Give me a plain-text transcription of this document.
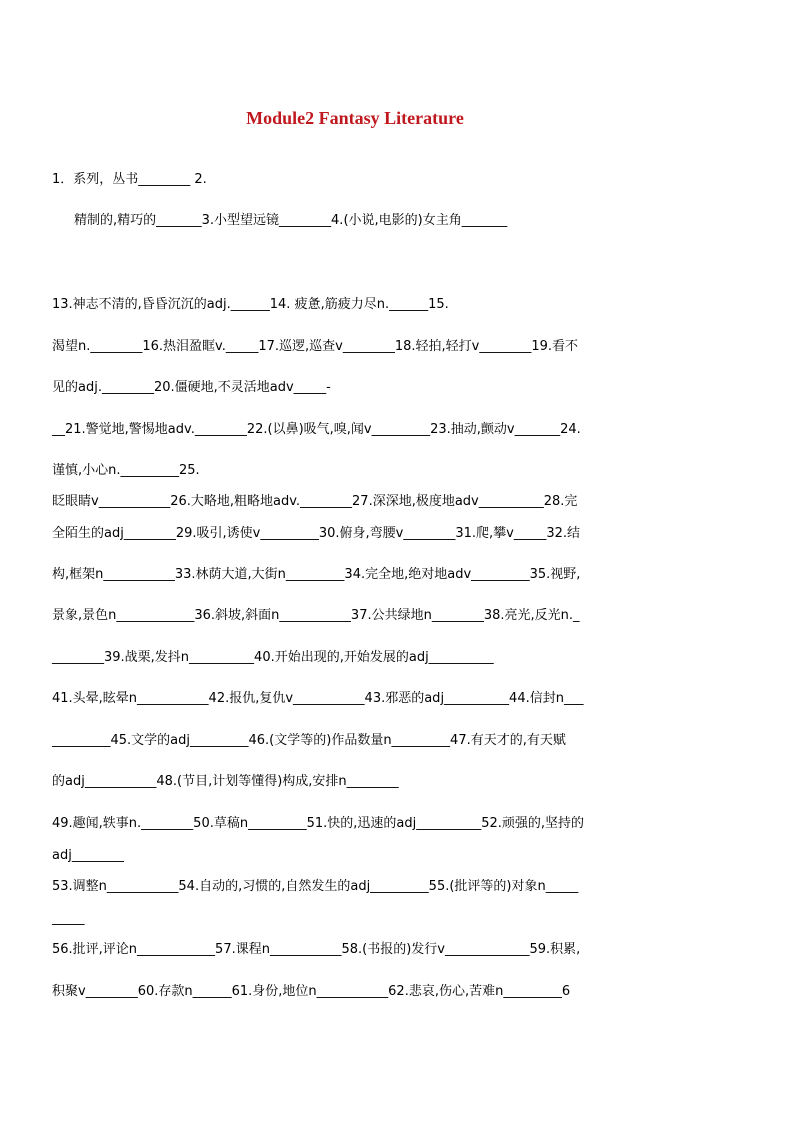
Module2 Fantasy Literature
1．系列，丛书________ 2.
精制的,精巧的_______3.小型望远镜________4.(小说,电影的)女主角_______
13.神志不清的,昏昏沉沉的adj.______14. 疲惫,筋疲力尽n.______15.
渴望n.________16.热泪盈眶v._____17.巡逻,巡查v________18.轻拍,轻打v________19.看不
见的adj.________20.僵硬地,不灵活地adv_____-
__21.警觉地,警惕地adv.________22.(以鼻)吸气,嗅,闻v_________23.抽动,颤动v_______24.
谨慎,小心n._________25.
眨眼睛v___________26.大略地,粗略地adv.________27.深深地,极度地adv__________28.完
全陌生的adj________29.吸引,诱使v_________30.俯身,弯腰v________31.爬,攀v_____32.结
构,框架n___________33.林荫大道,大街n_________34.完全地,绝对地adv_________35.视野,
景象,景色n____________36.斜坡,斜面n___________37.公共绿地n________38.亮光,反光n._
________39.战栗,发抖n__________40.开始出现的,开始发展的adj__________
41.头晕,眩晕n___________42.报仇,复仇v___________43.邪恶的adj__________44.信封n___
_________45.文学的adj_________46.(文学等的)作品数量n_________47.有天才的,有天赋
的adj___________48.(节目,计划等懂得)构成,安排n________
49.趣闻,轶事n.________50.草稿n_________51.快的,迅速的adj__________52.顽强的,坚持的
adj________
53.调整n___________54.自动的,习惯的,自然发生的adj_________55.(批评等的)对象n_____
_____
56.批评,评论n____________57.课程n___________58.(书报的)发行v_____________59.积累,
积聚v________60.存款n______61.身份,地位n___________62.悲哀,伤心,苦难n_________6
